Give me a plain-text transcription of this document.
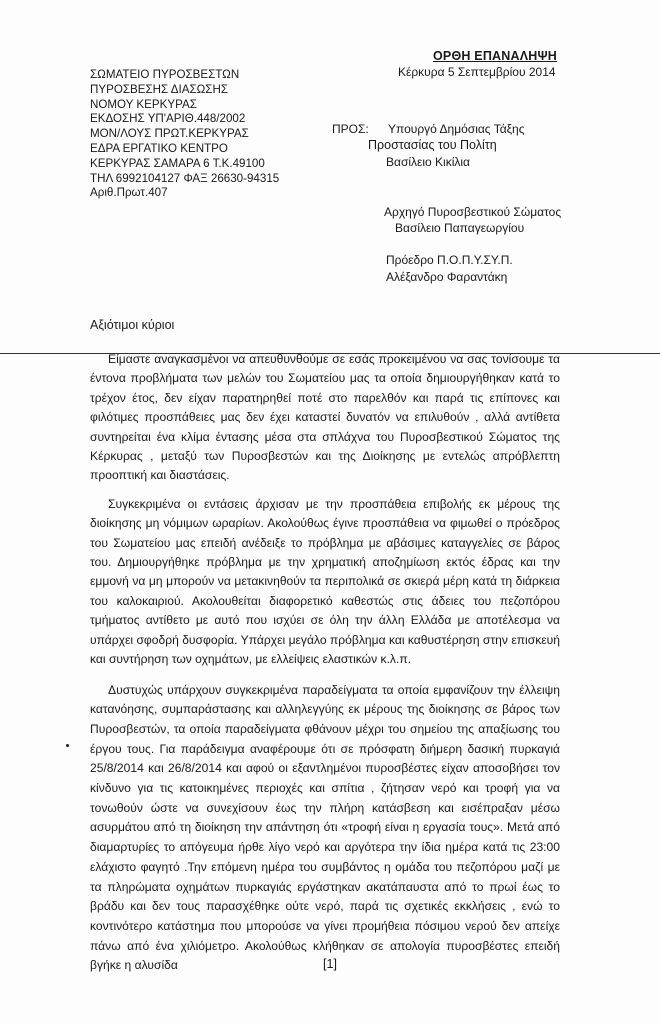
ΟΡΘΗ ΕΠΑΝΑΛΗΨΗ
Κέρκυρα 5 Σεπτεμβρίου 2014
ΣΩΜΑΤΕΙΟ ΠΥΡΟΣΒΕΣΤΩΝ
ΠΥΡΟΣΒΕΣΗΣ ΔΙΑΣΩΣΗΣ
ΝΟΜΟΥ ΚΕΡΚΥΡΑΣ
ΕΚΔΟΣΗΣ ΥΠ'ΑΡΙΘ.448/2002
ΜΟΝ/ΛΟΥΣ ΠΡΩΤ.ΚΕΡΚΥΡΑΣ
ΕΔΡΑ ΕΡΓΑΤΙΚΟ ΚΕΝΤΡΟ
ΚΕΡΚΥΡΑΣ ΣΑΜΑΡΑ 6 Τ.Κ.49100
ΤΗΛ 6992104127 ΦΑΞ 26630-94315
Αριθ.Πρωτ.407
ΠΡΟΣ: Υπουργό Δημόσιας Τάξης
Προστασίας του Πολίτη
Βασίλειο Κικίλια
Αρχηγό Πυροσβεστικού Σώματος
Βασίλειο Παπαγεωργίου
Πρόεδρο Π.Ο.Π.Υ.ΣΥ.Π.
Αλέξανδρο Φαραντάκη
Αξιότιμοι κύριοι

Είμαστε αναγκασμένοι να απευθυνθούμε σε εσάς προκειμένου να σας τονίσουμε τα έντονα προβλήματα των μελών του Σωματείου μας τα οποία δημιουργήθηκαν κατά το τρέχον έτος, δεν είχαν παρατηρηθεί ποτέ στο παρελθόν και παρά τις επίπονες και φιλότιμες προσπάθειες μας δεν έχει καταστεί δυνατόν να επιλυθούν , αλλά αντίθετα συντηρείται ένα κλίμα έντασης μέσα στα σπλάχνα του Πυροσβεστικού Σώματος της Κέρκυρας , μεταξύ των Πυροσβεστών και της Διοίκησης με εντελώς απρόβλεπτη προοπτική και διαστάσεις.

Συγκεκριμένα οι εντάσεις άρχισαν με την προσπάθεια επιβολής εκ μέρους της διοίκησης μη νόμιμων ωραρίων. Ακολούθως έγινε προσπάθεια να φιμωθεί ο πρόεδρος του Σωματείου μας επειδή ανέδειξε το πρόβλημα με αβάσιμες καταγγελίες σε βάρος του. Δημιουργήθηκε πρόβλημα με την χρηματική αποζημίωση εκτός έδρας και την εμμονή να μη μπορούν να μετακινηθούν τα περιπολικά σε σκιερά μέρη κατά τη διάρκεια του καλοκαιριού. Ακολουθείται διαφορετικό καθεστώς στις άδειες του πεζοπόρου τμήματος αντίθετο με αυτό που ισχύει σε όλη την άλλη Ελλάδα με αποτέλεσμα να υπάρχει σφοδρή δυσφορία. Υπάρχει μεγάλο πρόβλημα και καθυστέρηση στην επισκευή και συντήρηση των οχημάτων, με ελλείψεις ελαστικών κ.λ.π.

Δυστυχώς υπάρχουν συγκεκριμένα παραδείγματα τα οποία εμφανίζουν την έλλειψη κατανόησης, συμπαράστασης και αλληλεγγύης εκ μέρους της διοίκησης σε βάρος των Πυροσβεστών, τα οποία παραδείγματα φθάνουν μέχρι του σημείου της απαξίωσης του έργου τους. Για παράδειγμα αναφέρουμε ότι σε πρόσφατη διήμερη δασική πυρκαγιά 25/8/2014 και 26/8/2014 και αφού οι εξαντλημένοι πυροσβέστες είχαν αποσοβήσει τον κίνδυνο για τις κατοικημένες περιοχές και σπίτια , ζήτησαν νερό και τροφή για να τονωθούν ώστε να συνεχίσουν έως την πλήρη κατάσβεση και εισέπραξαν μέσω ασυρμάτου από τη διοίκηση την απάντηση ότι «τροφή είναι η εργασία τους». Μετά από διαμαρτυρίες το απόγευμα ήρθε λίγο νερό και αργότερα την ίδια ημέρα κατά τις 23:00 ελάχιστο φαγητό .Την επόμενη ημέρα του συμβάντος η ομάδα του πεζοπόρου μαζί με τα πληρώματα οχημάτων πυρκαγιάς εργάστηκαν ακατάπαυστα από το πρωί έως το βράδυ και δεν τους παρασχέθηκε ούτε νερό, παρά τις σχετικές εκκλήσεις , ενώ το κοντινότερο κατάστημα που μπορούσε να γίνει προμήθεια πόσιμου νερού δεν απείχε πάνω από ένα χιλιόμετρο. Ακολούθως κλήθηκαν σε απολογία πυροσβέστες επειδή βγήκε η αλυσίδα	[1]
